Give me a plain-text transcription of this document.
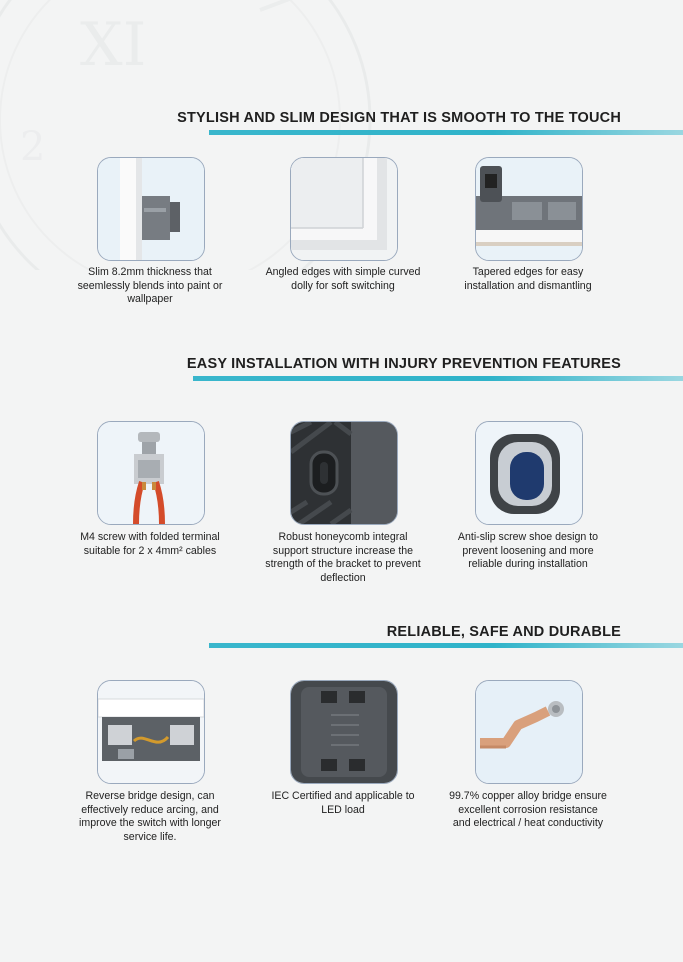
XI
2
STYLISH AND SLIM DESIGN THAT IS SMOOTH TO THE TOUCH
Slim 8.2mm thickness that seemlessly blends into paint or wallpaper
Angled edges with simple curved dolly for soft switching
Tapered edges for easy installation and dismantling
EASY INSTALLATION WITH INJURY PREVENTION FEATURES
M4 screw with folded terminal suitable for 2 x 4mm² cables
Robust honeycomb integral support structure increase the strength of the bracket to prevent deflection
Anti-slip screw shoe design to prevent loosening and more reliable during installation
RELIABLE, SAFE AND DURABLE
Reverse bridge design, can effectively reduce arcing, and improve the switch with longer service life.
IEC Certified and applicable to LED load
99.7% copper alloy bridge ensure excellent corrosion resistance and electrical / heat conductivity
